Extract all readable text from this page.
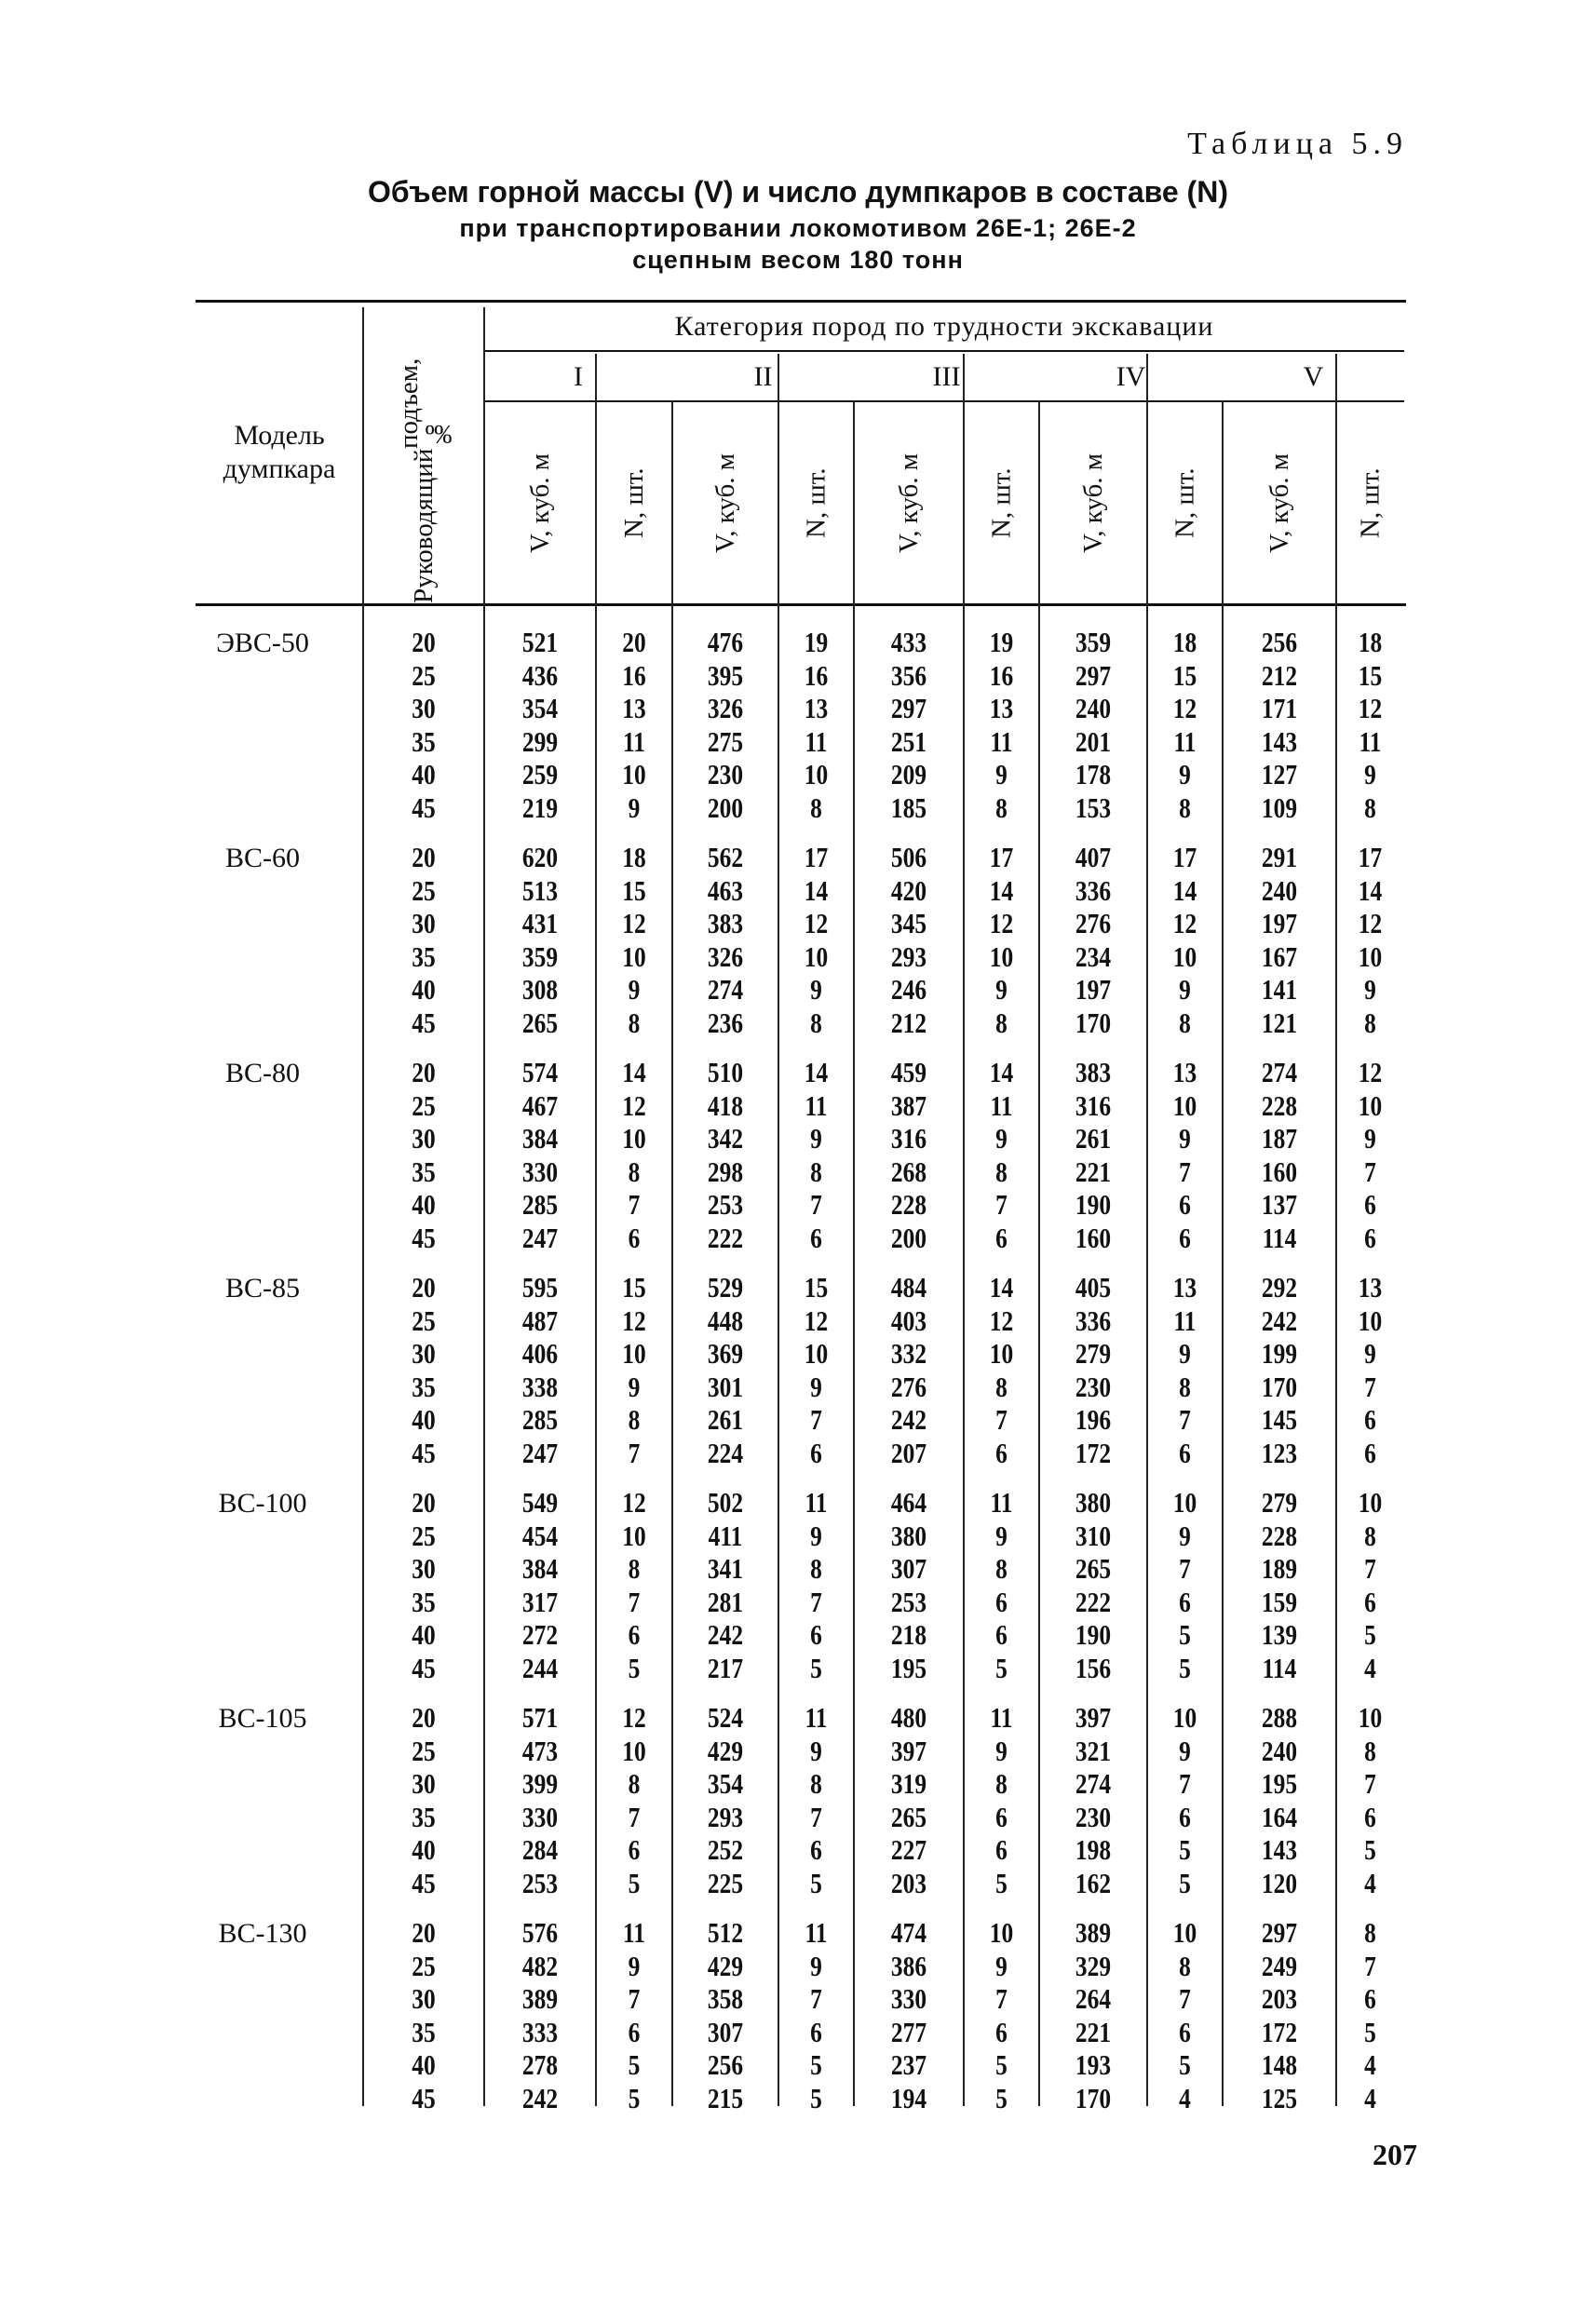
Таблица 5.9
Объем горной массы (V) и число думпкаров в составе (N)
при транспортировании локомотивом 26Е-1; 26Е-2
сцепным весом 180 тонн
Модель думпкара	Руководящий
подъем, ‰
Категория пород по трудности экскавации
I
V, куб. м	N, шт.
II
V, куб. м	N, шт.
III
V, куб. м	N, шт.
IV
V, куб. м	N, шт.
V
V, куб. м	N, шт.
ЭВС-50	20	521	20	476	19	433	19	359	18	256	18
25	436	16	395	16	356	16	297	15	212	15
30	354	13	326	13	297	13	240	12	171	12
35	299	11	275	11	251	11	201	11	143	11
40	259	10	230	10	209	9	178	9	127	9
45	219	9	200	8	185	8	153	8	109	8
ВС-60	20	620	18	562	17	506	17	407	17	291	17
25	513	15	463	14	420	14	336	14	240	14
30	431	12	383	12	345	12	276	12	197	12
35	359	10	326	10	293	10	234	10	167	10
40	308	9	274	9	246	9	197	9	141	9
45	265	8	236	8	212	8	170	8	121	8
ВС-80	20	574	14	510	14	459	14	383	13	274	12
25	467	12	418	11	387	11	316	10	228	10
30	384	10	342	9	316	9	261	9	187	9
35	330	8	298	8	268	8	221	7	160	7
40	285	7	253	7	228	7	190	6	137	6
45	247	6	222	6	200	6	160	6	114	6
ВС-85	20	595	15	529	15	484	14	405	13	292	13
25	487	12	448	12	403	12	336	11	242	10
30	406	10	369	10	332	10	279	9	199	9
35	338	9	301	9	276	8	230	8	170	7
40	285	8	261	7	242	7	196	7	145	6
45	247	7	224	6	207	6	172	6	123	6
ВС-100	20	549	12	502	11	464	11	380	10	279	10
25	454	10	411	9	380	9	310	9	228	8
30	384	8	341	8	307	8	265	7	189	7
35	317	7	281	7	253	6	222	6	159	6
40	272	6	242	6	218	6	190	5	139	5
45	244	5	217	5	195	5	156	5	114	4
ВС-105	20	571	12	524	11	480	11	397	10	288	10
25	473	10	429	9	397	9	321	9	240	8
30	399	8	354	8	319	8	274	7	195	7
35	330	7	293	7	265	6	230	6	164	6
40	284	6	252	6	227	6	198	5	143	5
45	253	5	225	5	203	5	162	5	120	4
ВС-130	20	576	11	512	11	474	10	389	10	297	8
25	482	9	429	9	386	9	329	8	249	7
30	389	7	358	7	330	7	264	7	203	6
35	333	6	307	6	277	6	221	6	172	5
40	278	5	256	5	237	5	193	5	148	4
45	242	5	215	5	194	5	170	4	125	4
207
